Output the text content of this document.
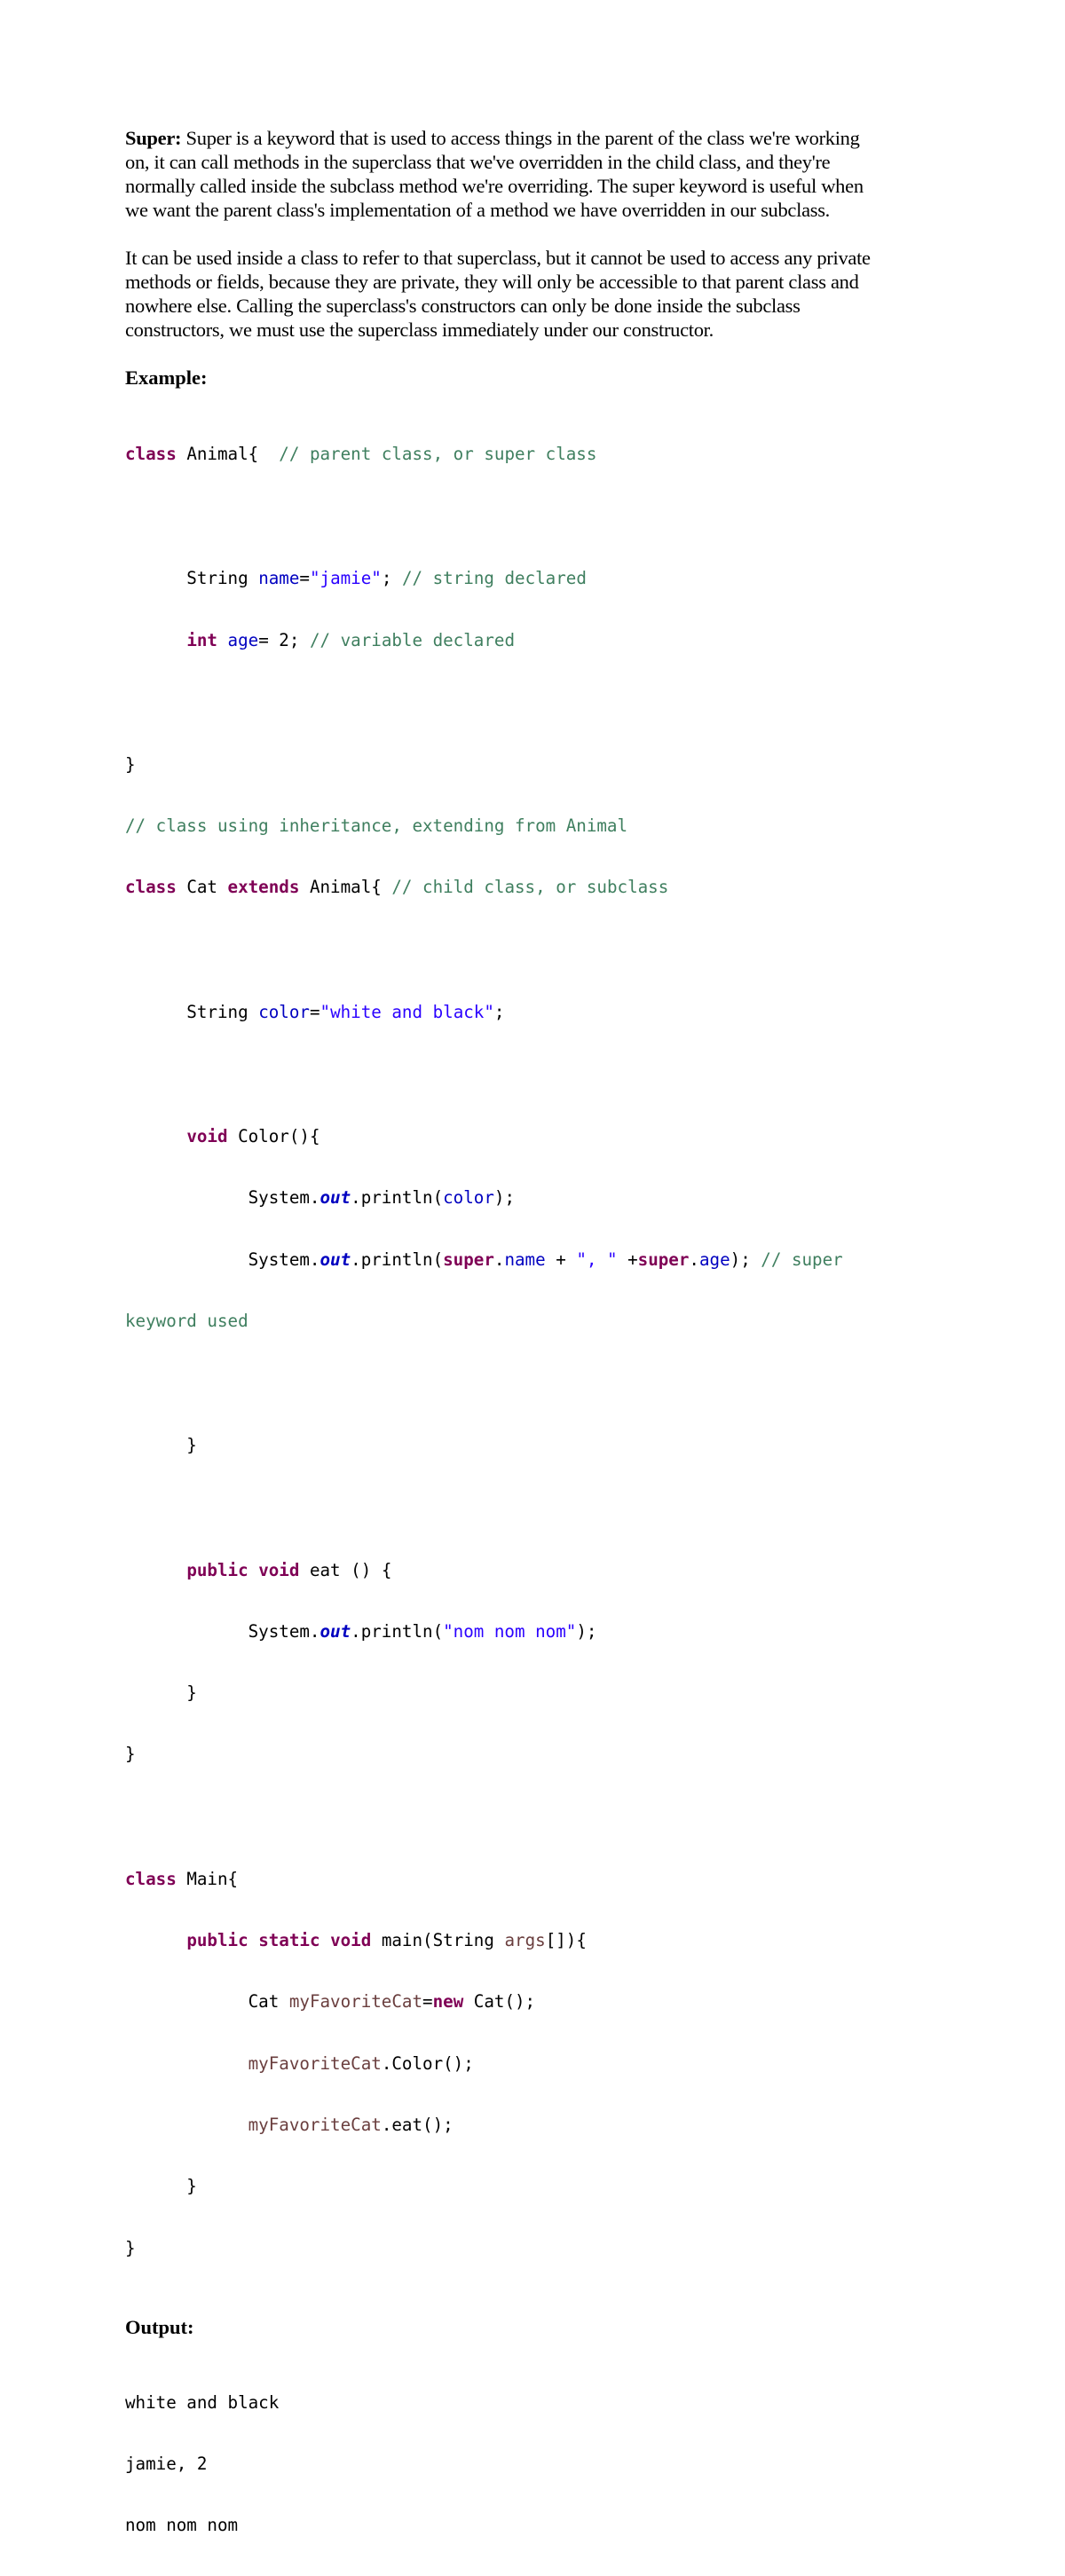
Super: Super is a keyword that is used to access things in the parent of the class we're working
on, it can call methods in the superclass that we've overridden in the child class, and they're
normally called inside the subclass method we're overriding. The super keyword is useful when
we want the parent class's implementation of a method we have overridden in our subclass.

It can be used inside a class to refer to that superclass, but it cannot be used to access any private
methods or fields, because they are private, they will only be accessible to that parent class and
nowhere else. Calling the superclass's constructors can only be done inside the subclass
constructors, we must use the superclass immediately under our constructor.

Example:

class Animal{  // parent class, or super class

String name="jamie"; // string declared

int age= 2; // variable declared

}

// class using inheritance, extending from Animal

class Cat extends Animal{ // child class, or subclass

String color="white and black";

void Color(){

System.out.println(color);

System.out.println(super.name + ", " +super.age); // super

keyword used

}

public void eat () {

System.out.println("nom nom nom");

}

}

class Main{

public static void main(String args[]){

Cat myFavoriteCat=new Cat();

myFavoriteCat.Color();

myFavoriteCat.eat();

}

}

Output:

white and black

jamie, 2

nom nom nom
